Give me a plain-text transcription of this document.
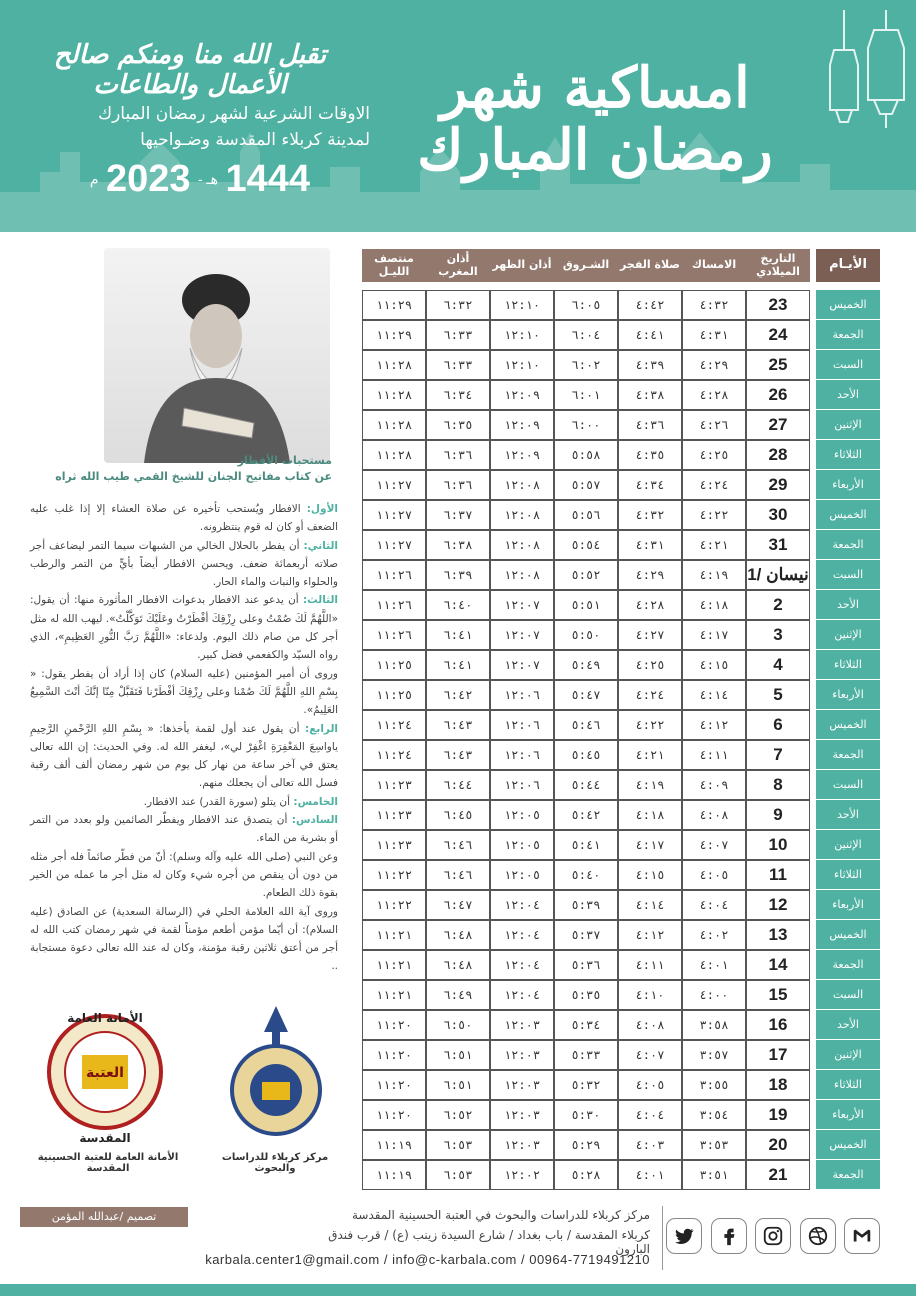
تقبل الله منا ومنكم صالح الأعمال والطاعات
الاوقات الشرعية لشهر رمضان المبارك
لمدينة كربلاء المقدسة وضـواحيها
1444 هـ - 2023 م
امساكية شهر رمضان المبارك
مستحبات الأفطار
عن كتاب مفاتيح الجنان للشيخ القمي طيب الله ثراه

الأول: الافطار ويُستحب تأخيره عن صلاة العشاء إلا إذا غلب عليه الضعف أو كان له قوم ينتظرونه.

الثاني: أن يفطر بالحلال الخالي من الشبهات سيما التمر ليضاعف أجر صلاته أربعمائة ضعف. ويحسن الافطار أيضاً بأيٍّ من التمر والرطب والحلواء والنبات والماء الحار.

الثالث: أن يدعو عند الافطار بدعوات الافطار المأثورة منها: أن يقول: «اللَّهُمَّ لَكَ صُمْتُ وعلى رِزْقِكَ أفْطَرْتُ وعَلَيْكَ تَوَكَّلْتُ». ليهب الله له مثل أجر كل من صام ذلك اليوم. ولدعاء: «اللَّهُمَّ رَبَّ النُّورِ العَظِيمِ»، الذي رواه السيّد والكفعمي فضل كبير.

وروى أن أمير المؤمنين (عليه السلام) كان إذا أراد أن يفطر يقول: « بِسْمِ اللهِ اللَّهُمَّ لَكَ صُمْنا وعلى رِزْقِكَ أفْطَرْنا فَتَقَبَّلْ مِنّا إنَّكَ أنْتَ السَّمِيعُ العَلِيمُ».

الرابع: أن يقول عند أول لقمة يأخذها: « بِسْمِ اللهِ الرَّحْمنِ الرَّحِيمِ ياواسِعَ المَغْفِرَةِ اغْفِرْ لي»، ليغفر الله له. وفي الحديث: إن الله تعالى يعتق في آخر ساعة من نهار كل يوم من شهر رمضان ألف ألف رقبة فسل الله تعالى أن يجعلك منهم.

الخامس: أن يتلو (سورة القدر) عند الافطار.

السادس: أن يتصدق عند الافطار ويفطّر الصائمين ولو بعدد من التمر أو بشربة من الماء.

وعن النبي (صلى الله عليه وآله وسلم): أنّ من فطّر صائماً فله أجر مثله من دون أن ينقص من أجره شيء وكان له مثل أجر ما عمله من الخير بقوة ذلك الطعام.

وروى آية الله العلامة الحلي في (الرسالة السعدية) عن الصادق (عليه السلام): أن أيّما مؤمن أطعم مؤمناً لقمة في شهر رمضان كتب الله له أجر من أعتق ثلاثين رقبة مؤمنة، وكان له عند الله تعالى دعوة مستجابة ..

الأمانة العامة
العتبة
المقدسة
الأمانة العامة للعتبة الحسينية المقدسة
مركز كربلاء للدراسات والبحوث
منتصف الليـل	أذان المغرب	أذان الظهر	الشـروق	صلاة الفجر	الامساك	التاريخ الميلادي		الأيـام

١١:٢٩	٦:٣٢	١٢:١٠	٦:٠٥	٤:٤٢	٤:٣٢	23		الخميس
١١:٢٩	٦:٣٣	١٢:١٠	٦:٠٤	٤:٤١	٤:٣١	24		الجمعة
١١:٢٨	٦:٣٣	١٢:١٠	٦:٠٢	٤:٣٩	٤:٢٩	25		السبت
١١:٢٨	٦:٣٤	١٢:٠٩	٦:٠١	٤:٣٨	٤:٢٨	26		الأحد
١١:٢٨	٦:٣٥	١٢:٠٩	٦:٠٠	٤:٣٦	٤:٢٦	27		الإثنين
١١:٢٨	٦:٣٦	١٢:٠٩	٥:٥٨	٤:٣٥	٤:٢٥	28		الثلاثاء
١١:٢٧	٦:٣٦	١٢:٠٨	٥:٥٧	٤:٣٤	٤:٢٤	29		الأربعاء
١١:٢٧	٦:٣٧	١٢:٠٨	٥:٥٦	٤:٣٢	٤:٢٢	30		الخميس
١١:٢٧	٦:٣٨	١٢:٠٨	٥:٥٤	٤:٣١	٤:٢١	31		الجمعة
١١:٢٦	٦:٣٩	١٢:٠٨	٥:٥٢	٤:٢٩	٤:١٩	1/ نيسان		السبت
١١:٢٦	٦:٤٠	١٢:٠٧	٥:٥١	٤:٢٨	٤:١٨	2		الأحد
١١:٢٦	٦:٤١	١٢:٠٧	٥:٥٠	٤:٢٧	٤:١٧	3		الإثنين
١١:٢٥	٦:٤١	١٢:٠٧	٥:٤٩	٤:٢٥	٤:١٥	4		الثلاثاء
١١:٢٥	٦:٤٢	١٢:٠٦	٥:٤٧	٤:٢٤	٤:١٤	5		الأربعاء
١١:٢٤	٦:٤٣	١٢:٠٦	٥:٤٦	٤:٢٢	٤:١٢	6		الخميس
١١:٢٤	٦:٤٣	١٢:٠٦	٥:٤٥	٤:٢١	٤:١١	7		الجمعة
١١:٢٣	٦:٤٤	١٢:٠٦	٥:٤٤	٤:١٩	٤:٠٩	8		السبت
١١:٢٣	٦:٤٥	١٢:٠٥	٥:٤٢	٤:١٨	٤:٠٨	9		الأحد
١١:٢٣	٦:٤٦	١٢:٠٥	٥:٤١	٤:١٧	٤:٠٧	10		الإثنين
١١:٢٢	٦:٤٦	١٢:٠٥	٥:٤٠	٤:١٥	٤:٠٥	11		الثلاثاء
١١:٢٢	٦:٤٧	١٢:٠٤	٥:٣٩	٤:١٤	٤:٠٤	12		الأربعاء
١١:٢١	٦:٤٨	١٢:٠٤	٥:٣٧	٤:١٢	٤:٠٢	13		الخميس
١١:٢١	٦:٤٨	١٢:٠٤	٥:٣٦	٤:١١	٤:٠١	14		الجمعة
١١:٢١	٦:٤٩	١٢:٠٤	٥:٣٥	٤:١٠	٤:٠٠	15		السبت
١١:٢٠	٦:٥٠	١٢:٠٣	٥:٣٤	٤:٠٨	٣:٥٨	16		الأحد
١١:٢٠	٦:٥١	١٢:٠٣	٥:٣٣	٤:٠٧	٣:٥٧	17		الإثنين
١١:٢٠	٦:٥١	١٢:٠٣	٥:٣٢	٤:٠٥	٣:٥٥	18		الثلاثاء
١١:٢٠	٦:٥٢	١٢:٠٣	٥:٣٠	٤:٠٤	٣:٥٤	19		الأربعاء
١١:١٩	٦:٥٣	١٢:٠٣	٥:٢٩	٤:٠٣	٣:٥٣	20		الخميس
١١:١٩	٦:٥٣	١٢:٠٢	٥:٢٨	٤:٠١	٣:٥١	21		الجمعة
تصميم /عبدالله المؤمن	مركز كربلاء للدراسات والبحوث في العتبة الحسينية المقدسة
كربلاء المقدسة / باب بغداد / شارع السيدة زينب (ع) / قرب فندق البارون
karbala.center1@gmail.com / info@c-karbala.com / 00964-7719491210
